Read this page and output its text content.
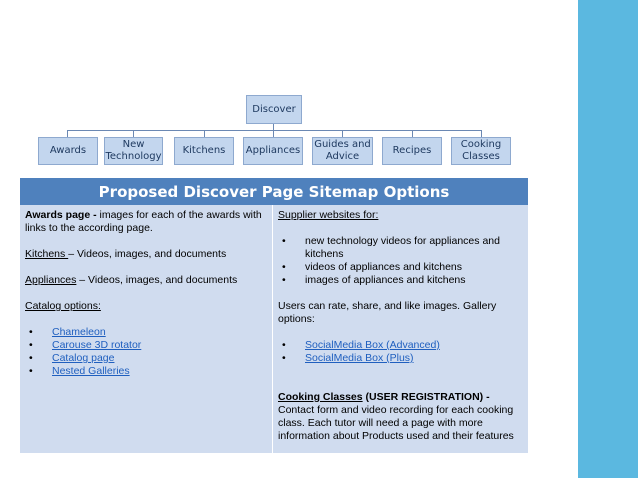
Discover
Awards
New Technology
Kitchens	Appliances
Guides and Advice
Recipes
Cooking Classes
Proposed Discover Page Sitemap Options

Awards page - images for each of the awards with links to the according page.

Kitchens – Videos, images, and documents

Appliances – Videos, images, and documents

Catalog options:

• Chameleon
• Carouse 3D rotator
• Catalog page
• Nested Galleries

Supplier websites for:

• new technology videos for appliances and kitchens
• videos of appliances and kitchens
• images of appliances and kitchens

Users can rate, share, and like images. Gallery options:

• SocialMedia Box (Advanced)
• SocialMedia Box (Plus)

Cooking Classes (USER REGISTRATION) -

Contact form and video recording for each cooking class. Each tutor will need a page with more information about Products used and their features
